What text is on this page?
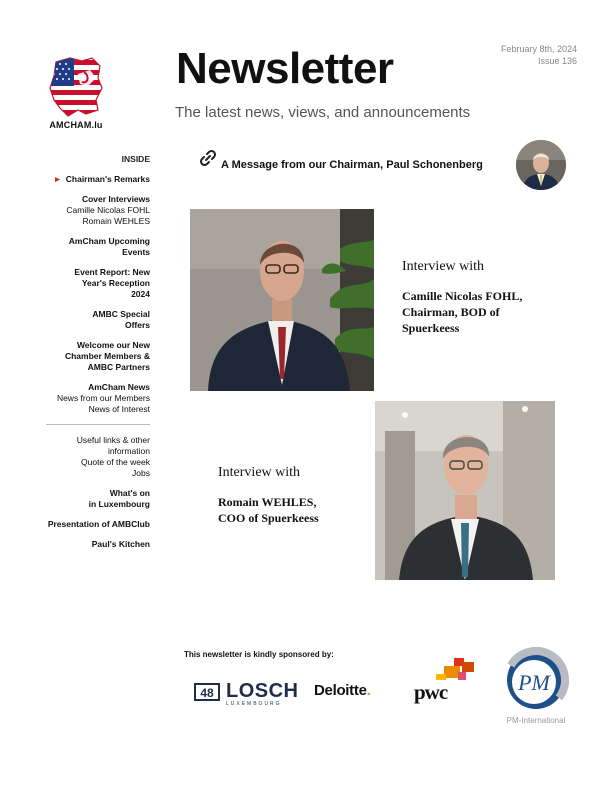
AMCHAM.lu
Newsletter
The latest news, views, and announcements
February 8th, 2024
Issue 136
INSIDE
► Chairman's Remarks
Cover Interviews
Camille Nicolas FOHL
Romain WEHLES
AmCham Upcoming
Events
Event Report: New
Year's Reception
2024
AMBC Special
Offers
Welcome our New
Chamber Members &
AMBC Partners
AmCham News
News from our Members
News of Interest
Useful links & other
information
Quote of the week
Jobs
What's on
in Luxembourg
Presentation of AMBClub
Paul's Kitchen
A Message from our Chairman, Paul Schonenberg
Interview with
Camille Nicolas FOHL,
Chairman, BOD of
Spuerkeess
Interview with
Romain WEHLES,
COO of Spuerkeess
This newsletter is kindly sponsored by:
48 LOSCH
LUXEMBOURG
Deloitte. pwc	PM
PM-International
